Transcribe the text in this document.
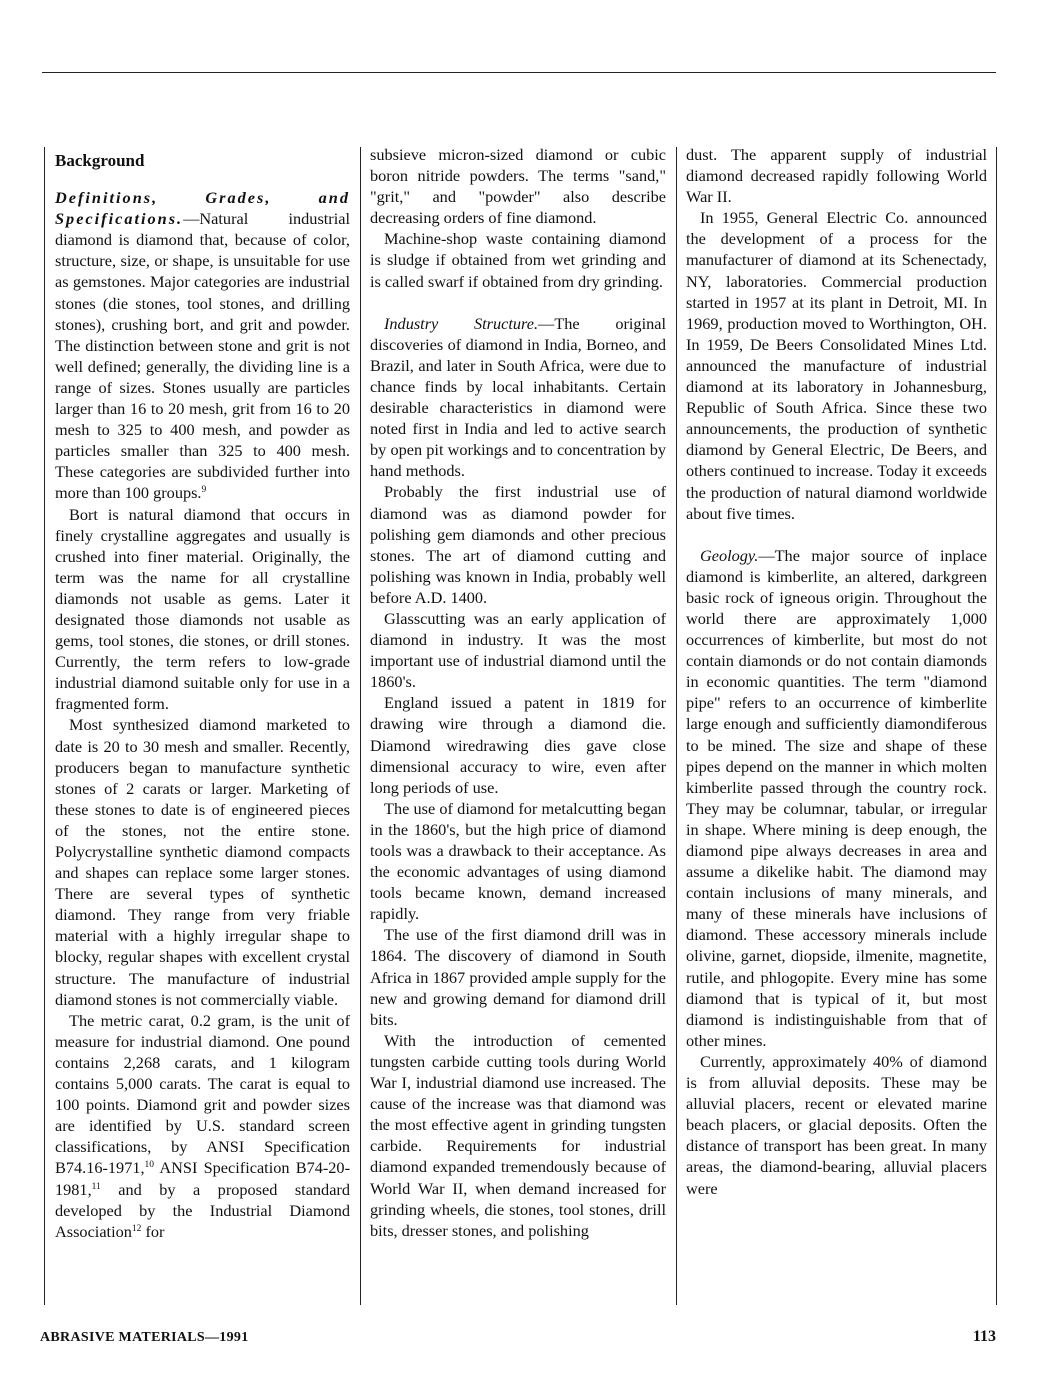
Background

Definitions, Grades, and Specifications.—Natural industrial diamond is diamond that, because of color, structure, size, or shape, is unsuitable for use as gemstones. Major categories are industrial stones (die stones, tool stones, and drilling stones), crushing bort, and grit and powder. The distinction between stone and grit is not well defined; generally, the dividing line is a range of sizes. Stones usually are particles larger than 16 to 20 mesh, grit from 16 to 20 mesh to 325 to 400 mesh, and powder as particles smaller than 325 to 400 mesh. These categories are subdivided further into more than 100 groups.$^9$

Bort is natural diamond that occurs in finely crystalline aggregates and usually is crushed into finer material. Originally, the term was the name for all crystalline diamonds not usable as gems. Later it designated those diamonds not usable as gems, tool stones, die stones, or drill stones. Currently, the term refers to low-grade industrial diamond suitable only for use in a fragmented form.

Most synthesized diamond marketed to date is 20 to 30 mesh and smaller. Recently, producers began to manufacture synthetic stones of 2 carats or larger. Marketing of these stones to date is of engineered pieces of the stones, not the entire stone. Polycrystalline synthetic diamond compacts and shapes can replace some larger stones. There are several types of synthetic diamond. They range from very friable material with a highly irregular shape to blocky, regular shapes with excellent crystal structure. The manufacture of industrial diamond stones is not commercially viable.

The metric carat, 0.2 gram, is the unit of measure for industrial diamond. One pound contains 2,268 carats, and 1 kilogram contains 5,000 carats. The carat is equal to 100 points. Diamond grit and powder sizes are identified by U.S. standard screen classifications, by ANSI Specification B74.16-1971,10 ANSI Specification B74-20-1981,11 and by a proposed standard developed by the Industrial Diamond Association$^{12}$ for

subsieve micron-sized diamond or cubic boron nitride powders. The terms "sand," "grit," and "powder" also describe decreasing orders of fine diamond.

Machine-shop waste containing diamond is sludge if obtained from wet grinding and is called swarf if obtained from dry grinding.

Industry Structure.—The original discoveries of diamond in India, Borneo, and Brazil, and later in South Africa, were due to chance finds by local inhabitants. Certain desirable characteristics in diamond were noted first in India and led to active search by open pit workings and to concentration by hand methods.

Probably the first industrial use of diamond was as diamond powder for polishing gem diamonds and other precious stones. The art of diamond cutting and polishing was known in India, probably well before A.D. 1400.

Glasscutting was an early application of diamond in industry. It was the most important use of industrial diamond until the 1860's.

England issued a patent in 1819 for drawing wire through a diamond die. Diamond wiredrawing dies gave close dimensional accuracy to wire, even after long periods of use.

The use of diamond for metalcutting began in the 1860's, but the high price of diamond tools was a drawback to their acceptance. As the economic advantages of using diamond tools became known, demand increased rapidly.

The use of the first diamond drill was in 1864. The discovery of diamond in South Africa in 1867 provided ample supply for the new and growing demand for diamond drill bits.

With the introduction of cemented tungsten carbide cutting tools during World War I, industrial diamond use increased. The cause of the increase was that diamond was the most effective agent in grinding tungsten carbide. Requirements for industrial diamond expanded tremendously because of World War II, when demand increased for grinding wheels, die stones, tool stones, drill bits, dresser stones, and polishing

dust. The apparent supply of industrial diamond decreased rapidly following World War II.

In 1955, General Electric Co. announced the development of a process for the manufacturer of diamond at its Schenectady, NY, laboratories. Commercial production started in 1957 at its plant in Detroit, MI. In 1969, production moved to Worthington, OH. In 1959, De Beers Consolidated Mines Ltd. announced the manufacture of industrial diamond at its laboratory in Johannesburg, Republic of South Africa. Since these two announcements, the production of synthetic diamond by General Electric, De Beers, and others continued to increase. Today it exceeds the production of natural diamond worldwide about five times.

Geology.—The major source of inplace diamond is kimberlite, an altered, darkgreen basic rock of igneous origin. Throughout the world there are approximately 1,000 occurrences of kimberlite, but most do not contain diamonds or do not contain diamonds in economic quantities. The term "diamond pipe" refers to an occurrence of kimberlite large enough and sufficiently diamondiferous to be mined. The size and shape of these pipes depend on the manner in which molten kimberlite passed through the country rock. They may be columnar, tabular, or irregular in shape. Where mining is deep enough, the diamond pipe always decreases in area and assume a dikelike habit. The diamond may contain inclusions of many minerals, and many of these minerals have inclusions of diamond. These accessory minerals include olivine, garnet, diopside, ilmenite, magnetite, rutile, and phlogopite. Every mine has some diamond that is typical of it, but most diamond is indistinguishable from that of other mines.

Currently, approximately 40% of diamond is from alluvial deposits. These may be alluvial placers, recent or elevated marine beach placers, or glacial deposits. Often the distance of transport has been great. In many areas, the diamond-bearing, alluvial placers were

ABRASIVE MATERIALS—1991	113
